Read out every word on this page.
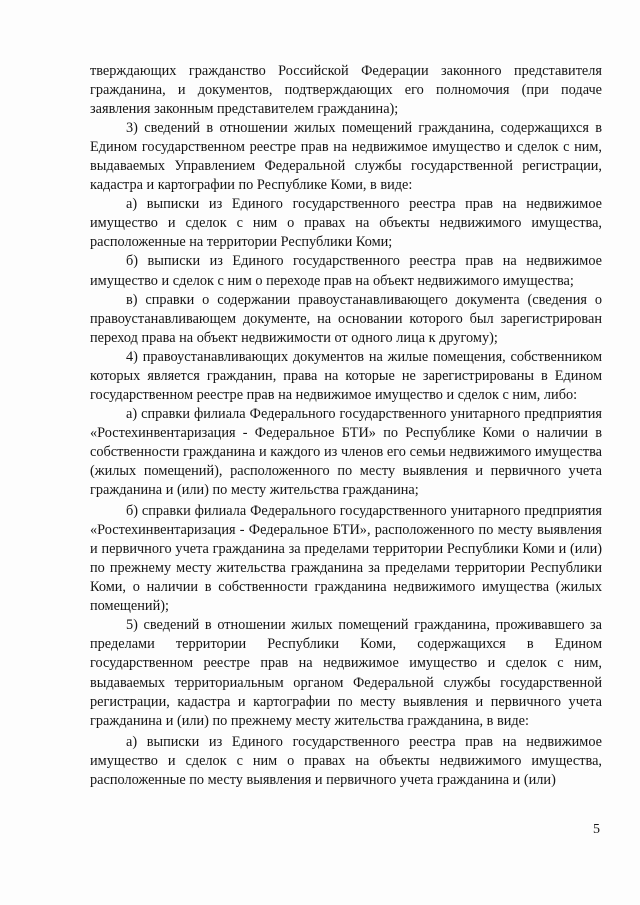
тверждающих гражданство Российской Федерации законного представителя гражданина, и документов, подтверждающих его полномочия (при подаче заявления законным представителем гражданина);

3) сведений в отношении жилых помещений гражданина, содержащихся в Едином государственном реестре прав на недвижимое имущество и сделок с ним, выдаваемых Управлением Федеральной службы государственной регистрации, кадастра и картографии по Республике Коми, в виде:

а) выписки из Единого государственного реестра прав на недвижимое имущество и сделок с ним о правах на объекты недвижимого имущества, расположенные на территории Республики Коми;

б) выписки из Единого государственного реестра прав на недвижимое имущество и сделок с ним о переходе прав на объект недвижимого имущества;

в) справки о содержании правоустанавливающего документа (сведения о правоустанавливающем документе, на основании которого был зарегистрирован переход права на объект недвижимости от одного лица к другому);

4) правоустанавливающих документов на жилые помещения, собственником которых является гражданин, права на которые не зарегистрированы в Едином государственном реестре прав на недвижимое имущество и сделок с ним, либо:

а) справки филиала Федерального государственного унитарного предприятия «Ростехинвентаризация - Федеральное БТИ» по Республике Коми о наличии в собственности гражданина и каждого из членов его семьи недвижимого имущества (жилых помещений), расположенного по месту выявления и первичного учета гражданина и (или) по месту жительства гражданина;

б) справки филиала Федерального государственного унитарного предприятия «Ростехинвентаризация - Федеральное БТИ», расположенного по месту выявления и первичного учета гражданина за пределами территории Республики Коми и (или) по прежнему месту жительства гражданина за пределами территории Республики Коми, о наличии в собственности гражданина недвижимого имущества (жилых помещений);

5) сведений в отношении жилых помещений гражданина, проживавшего за пределами территории Республики Коми, содержащихся в Едином государственном реестре прав на недвижимое имущество и сделок с ним, выдаваемых территориальным органом Федеральной службы государственной регистрации, кадастра и картографии по месту выявления и первичного учета гражданина и (или) по прежнему месту жительства гражданина, в виде:

а) выписки из Единого государственного реестра прав на недвижимое имущество и сделок с ним о правах на объекты недвижимого имущества, расположенные по месту выявления и первичного учета гражданина и (или)

5
